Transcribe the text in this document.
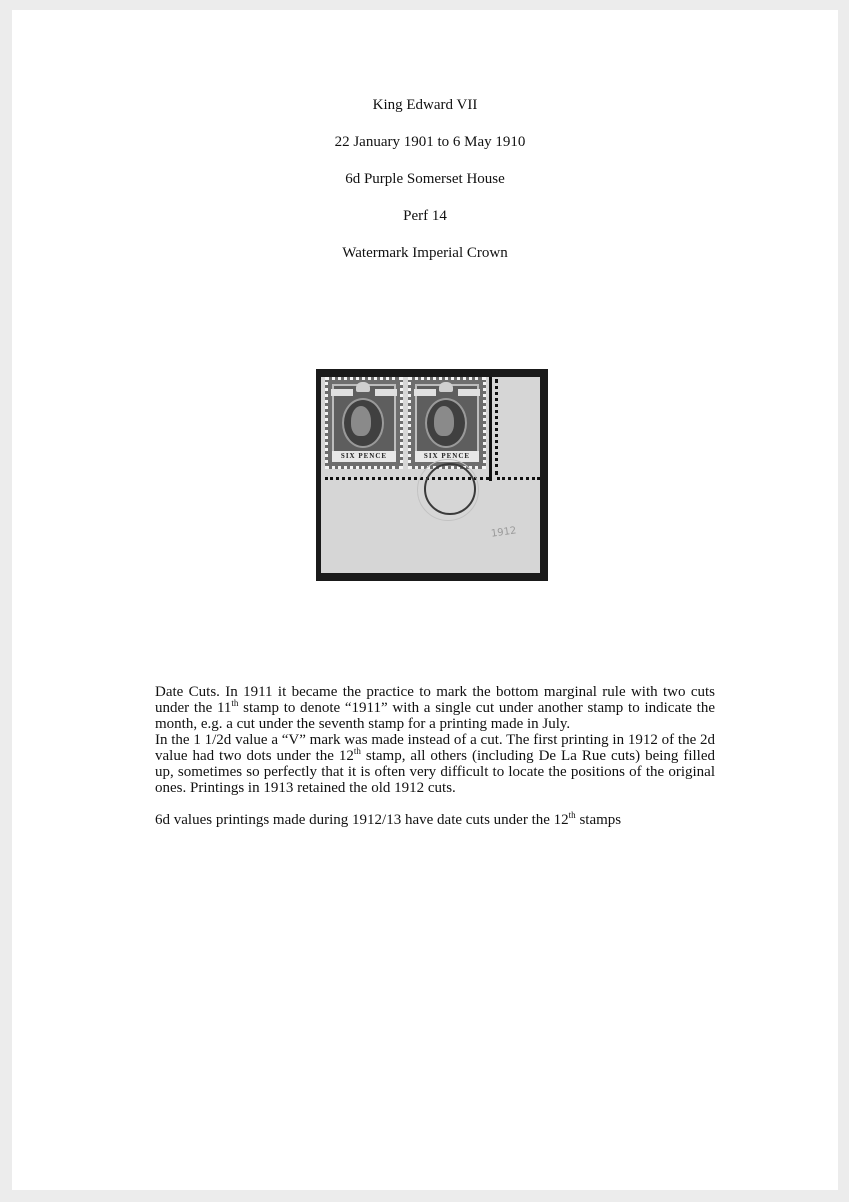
King Edward VII
22 January 1901 to 6 May 1910
6d Purple Somerset House
Perf 14
Watermark Imperial Crown
SIX PENCE	SIX PENCE
1912

Date Cuts. In 1911 it became the practice to mark the bottom marginal rule with two cuts under the 11th stamp to denote “1911” with a single cut under another stamp to indicate the month, e.g. a cut under the seventh stamp for a printing made in July.

In the 1 1/2d value a “V” mark was made instead of a cut. The first printing in 1912 of the 2d value had two dots under the 12th stamp, all others (including De La Rue cuts) being filled up, sometimes so perfectly that it is often very difficult to locate the positions of the original ones. Printings in 1913 retained the old 1912 cuts.

6d values printings made during 1912/13 have date cuts under the 12th stamps
